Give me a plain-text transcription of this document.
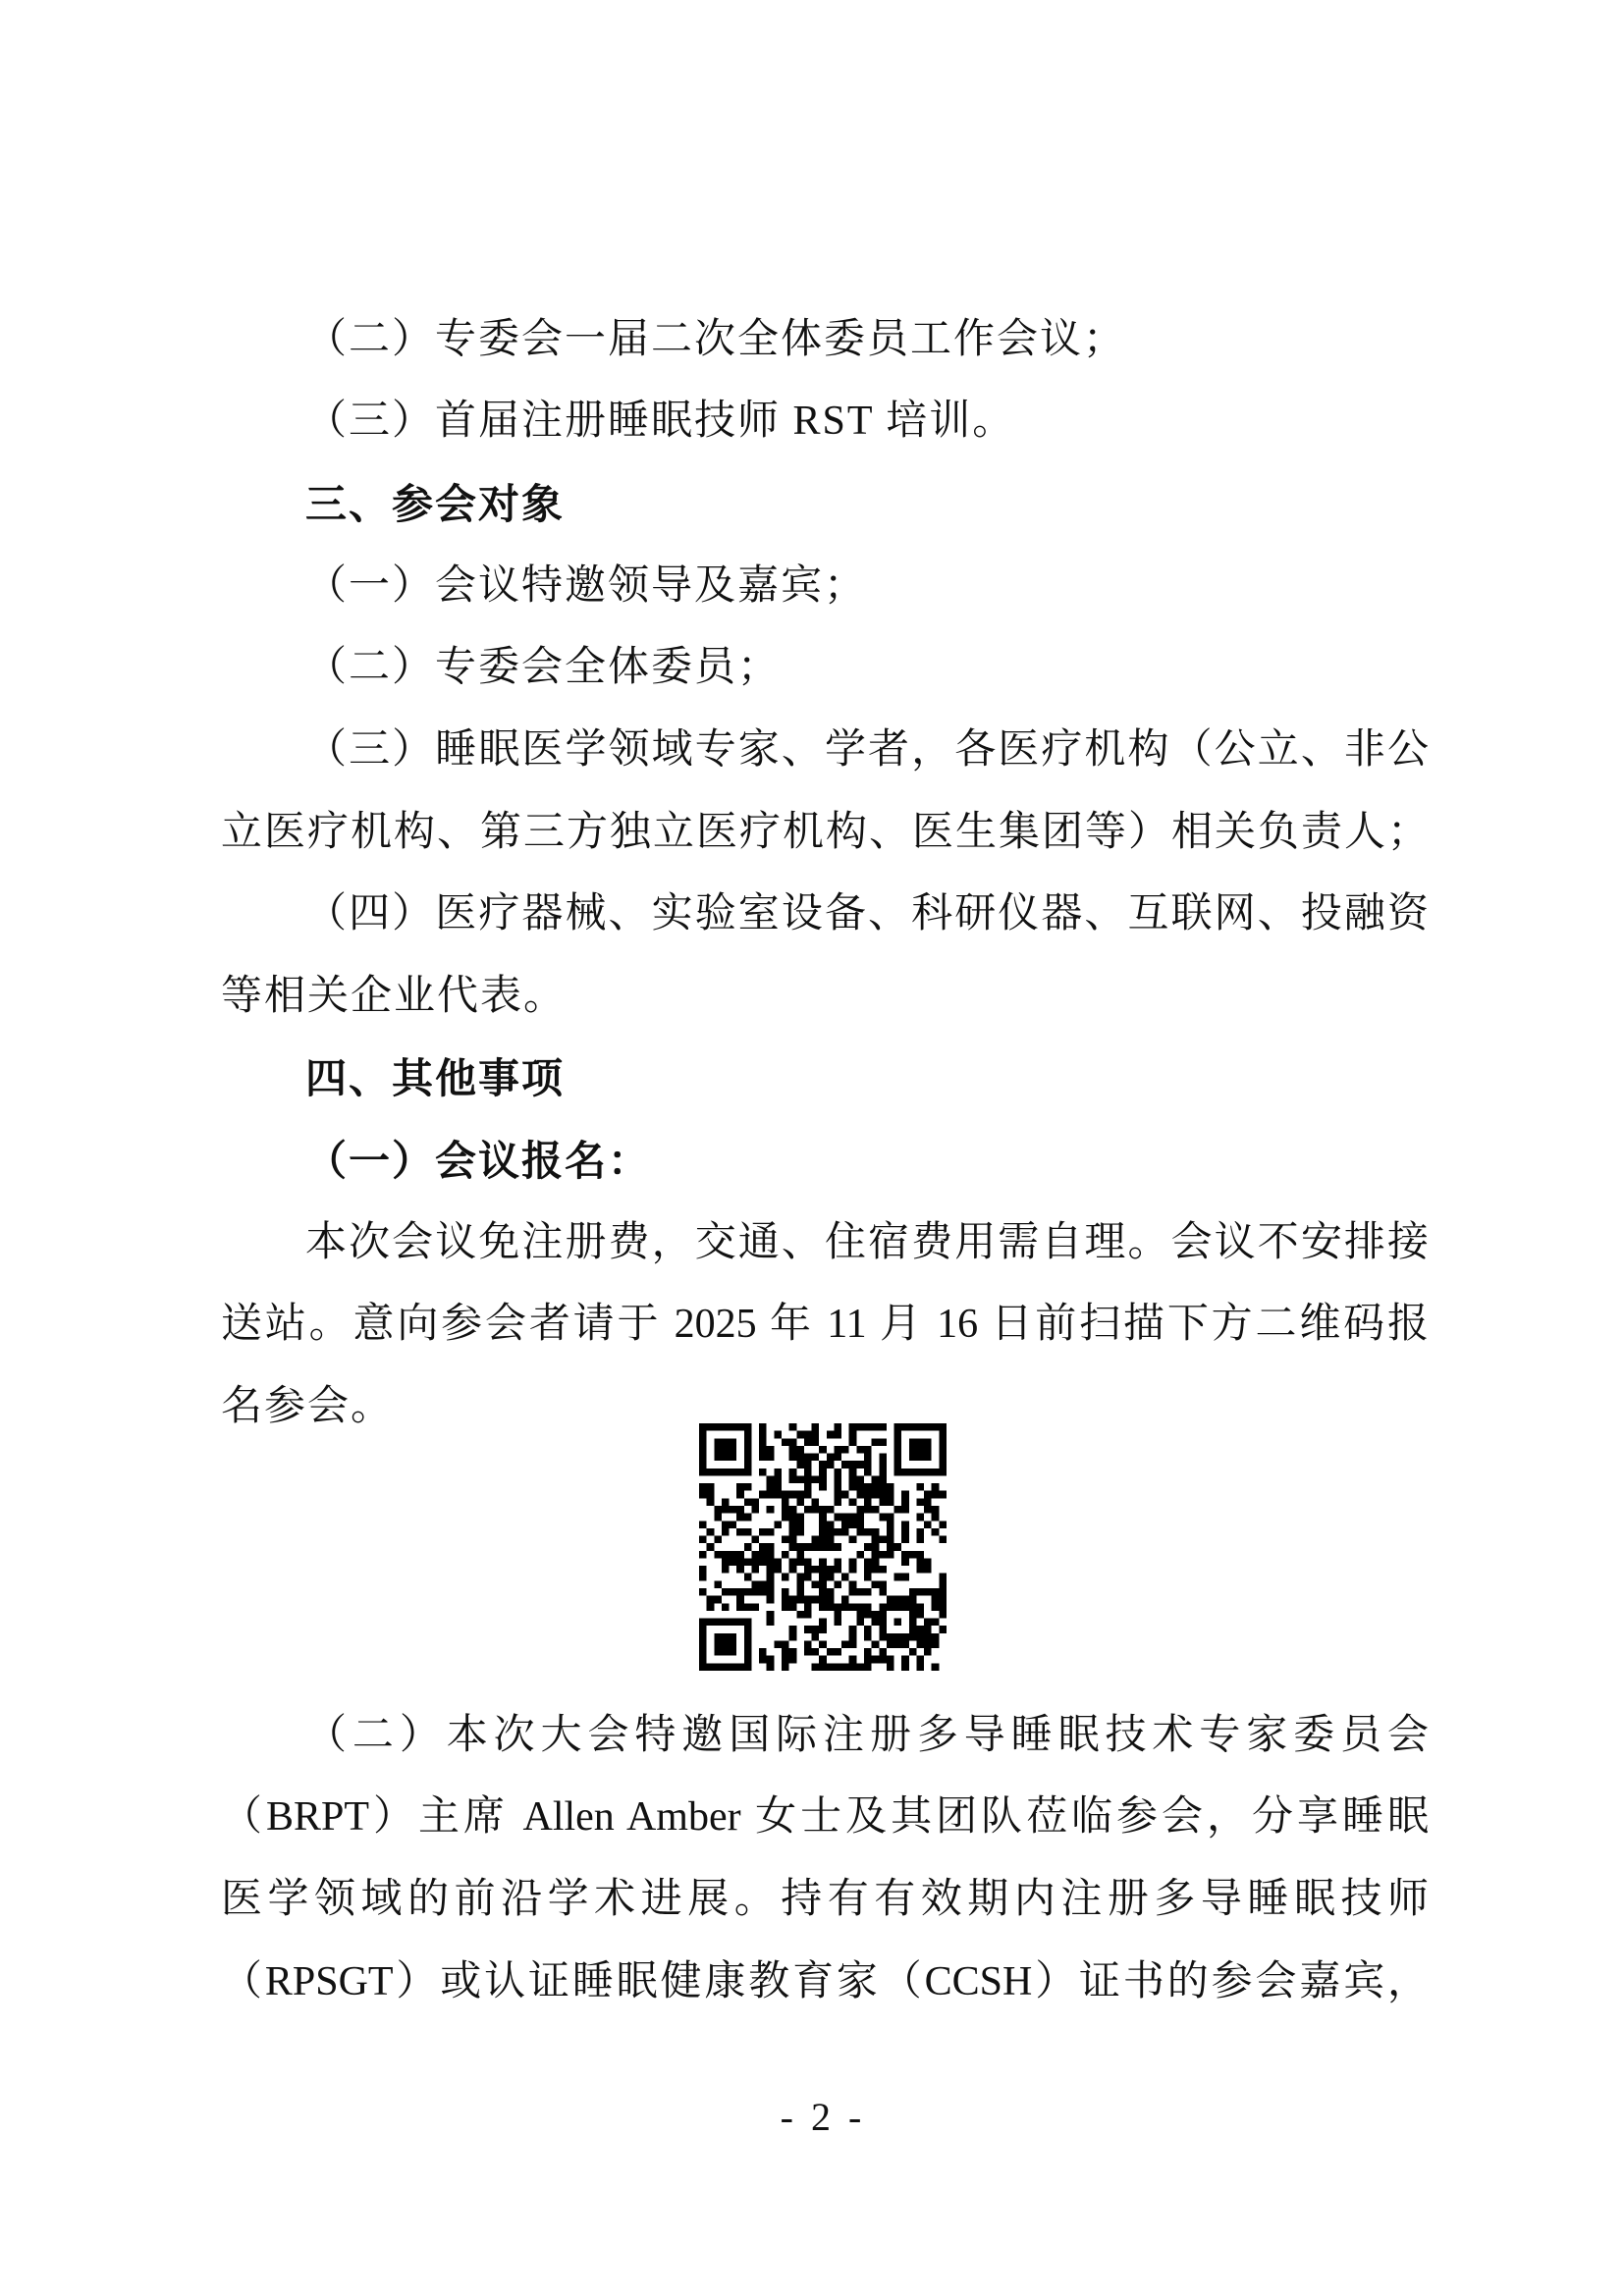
（二）专委会一届二次全体委员工作会议；
（三）首届注册睡眠技师 RST 培训。
三、参会对象
（一）会议特邀领导及嘉宾；
（二）专委会全体委员；
（三）睡眠医学领域专家、学者，各医疗机构（公立、非公
立医疗机构、第三方独立医疗机构、医生集团等）相关负责人；
（四）医疗器械、实验室设备、科研仪器、互联网、投融资
等相关企业代表。
四、其他事项
（一）会议报名：
本次会议免注册费，交通、住宿费用需自理。会议不安排接
送站。意向参会者请于 2025 年 11 月 16 日前扫描下方二维码报
名参会。
（二）本次大会特邀国际注册多导睡眠技术专家委员会
（BRPT）主席 Allen Amber 女士及其团队莅临参会，分享睡眠
医学领域的前沿学术进展。持有有效期内注册多导睡眠技师
（RPSGT）或认证睡眠健康教育家（CCSH）证书的参会嘉宾，
- 2 -
